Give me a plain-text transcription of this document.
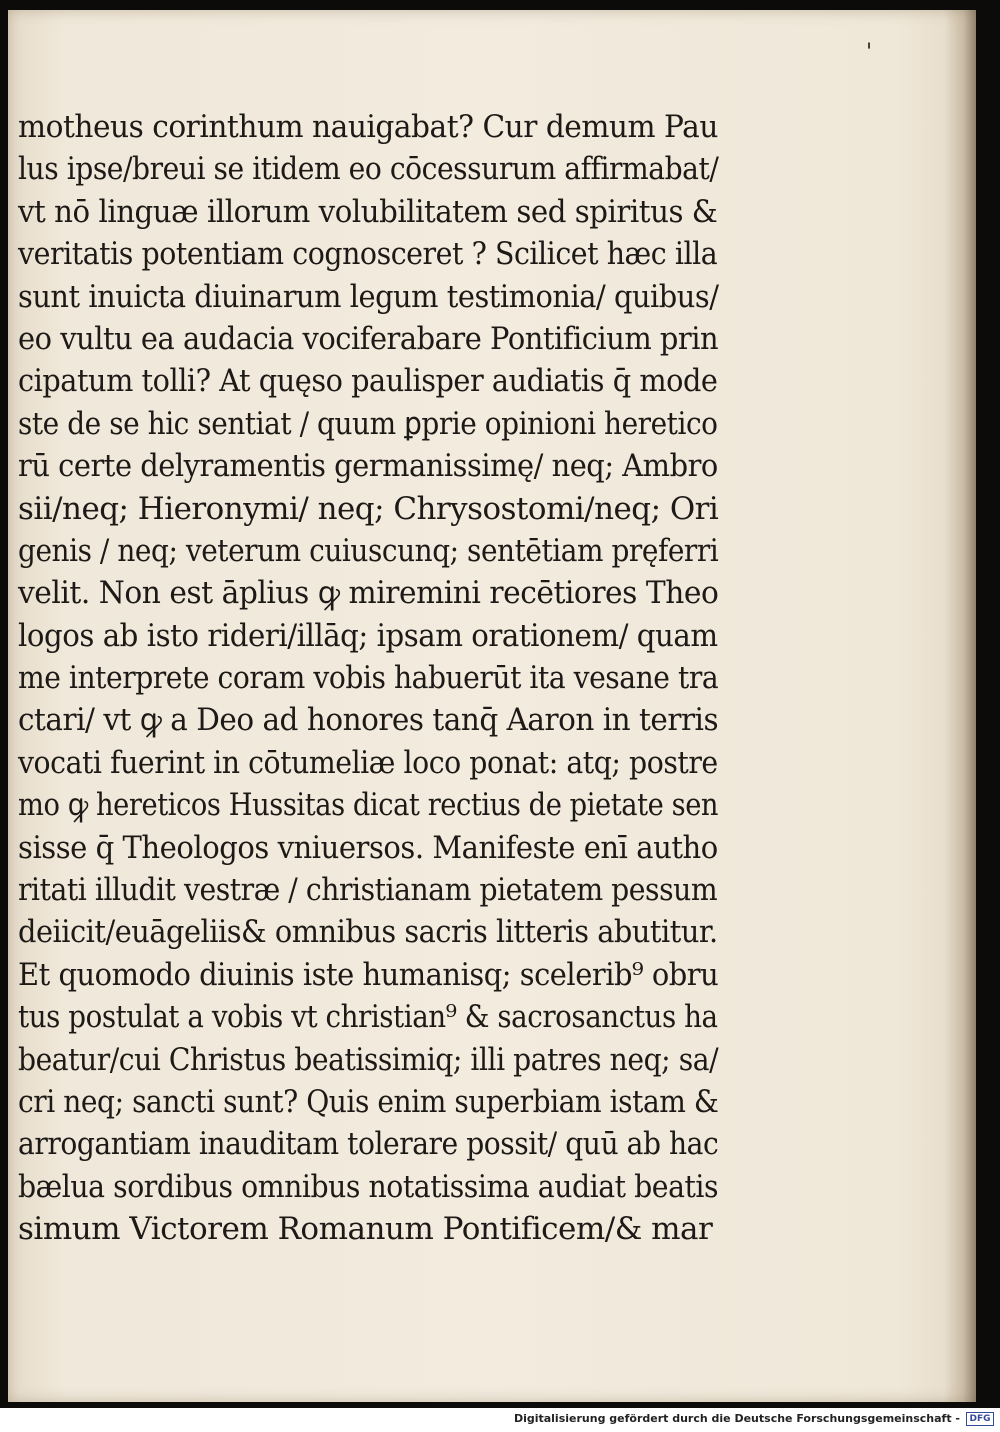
'
motheus corinthum nauigabat? Cur demum Pau
lus ipse/breui se itidem eo cōcessurum affirmabat/
vt nō linguæ illorum volubilitatem sed spiritus &
veritatis potentiam cognosceret ? Scilicet hæc illa
sunt inuicta diuinarum legum testimonia/ quibus/
eo vultu ea audacia vociferabare Pontificium prin
cipatum tolli? At quęso paulisper audiatis q̄ mode
ste de se hic sentiat / quum ꝑprie opinioni heretico
rū certe delyramentis germanissimę/ neq; Ambro
sii/neq; Hieronymi/ neq; Chrysostomi/neq; Ori
genis / neq; veterum cuiuscunq; sentētiam pręferri
velit. Non est āplius ꝙ miremini recētiores Theo
logos ab isto rideri/illāq; ipsam orationem/ quam
me interprete coram vobis habuerūt ita vesane tra
ctari/ vt ꝙ a Deo ad honores tanq̄ Aaron in terris
vocati fuerint in cōtumeliæ loco ponat: atq; postre
mo ꝙ hereticos Hussitas dicat rectius de pietate sen
sisse q̄ Theologos vniuersos. Manifeste enī autho
ritati illudit vestræ / christianam pietatem pessum
deiicit/euāgeliis& omnibus sacris litteris abutitur.
Et quomodo diuinis iste humanisq; scelerib⁹ obru
tus postulat a vobis vt christian⁹ & sacrosanctus ha
beatur/cui Christus beatissimiq; illi patres neq; sa/
cri neq; sancti sunt? Quis enim superbiam istam &
arrogantiam inauditam tolerare possit/ quū ab hac
bælua sordibus omnibus notatissima audiat beatis
simum Victorem Romanum Pontificem/& mar
Digitalisierung gefördert durch die Deutsche Forschungsgemeinschaft -	DFG
